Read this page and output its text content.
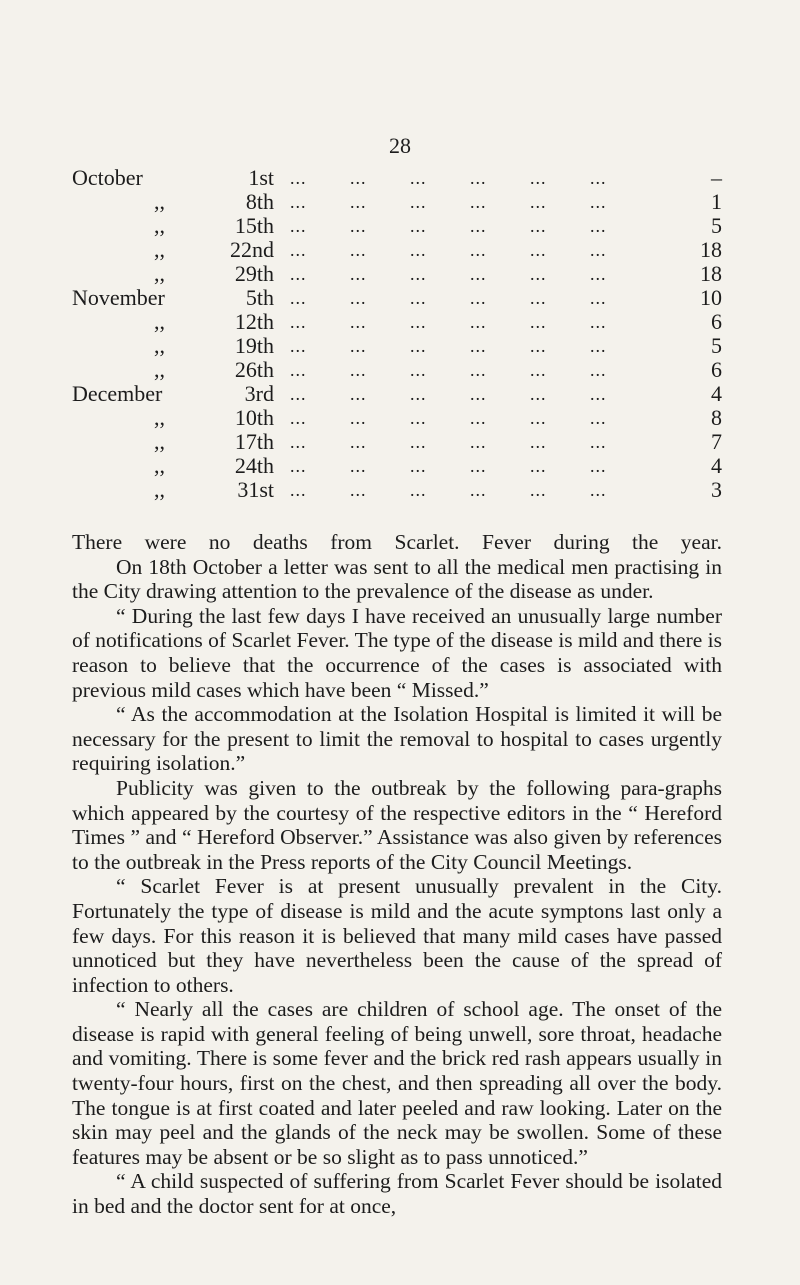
28
October	1st ... ... ... ... ... ...	–
,,	8th ... ... ... ... ... ...	1
,,	15th ... ... ... ... ... ...	5
,,	22nd ... ... ... ... ... ...	18
,,	29th ... ... ... ... ... ...	18
November	5th ... ... ... ... ... ...	10
,,	12th ... ... ... ... ... ...	6
,,	19th ... ... ... ... ... ...	5
,,	26th ... ... ... ... ... ...	6
December	3rd ... ... ... ... ... ...	4
,,	10th ... ... ... ... ... ...	8
,,	17th ... ... ... ... ... ...	7
,,	24th ... ... ... ... ... ...	4
,,	31st ... ... ... ... ... ...	3

There were no deaths from Scarlet. Fever during the year.

On 18th October a letter was sent to all the medical men practising in the City drawing attention to the prevalence of the disease as under.

“ During the last few days I have received an unusually large number of notifications of Scarlet Fever. The type of the disease is mild and there is reason to believe that the occurrence of the cases is associated with previous mild cases which have been “ Missed.”

“ As the accommodation at the Isolation Hospital is limited it will be necessary for the present to limit the removal to hospital to cases urgently requiring isolation.”

Publicity was given to the outbreak by the following para-graphs which appeared by the courtesy of the respective editors in the “ Hereford Times ” and “ Hereford Observer.” Assistance was also given by references to the outbreak in the Press reports of the City Council Meetings.

“ Scarlet Fever is at present unusually prevalent in the City. Fortunately the type of disease is mild and the acute symptons last only a few days. For this reason it is believed that many mild cases have passed unnoticed but they have nevertheless been the cause of the spread of infection to others.

“ Nearly all the cases are children of school age. The onset of the disease is rapid with general feeling of being unwell, sore throat, headache and vomiting. There is some fever and the brick red rash appears usually in twenty-four hours, first on the chest, and then spreading all over the body. The tongue is at first coated and later peeled and raw looking. Later on the skin may peel and the glands of the neck may be swollen. Some of these features may be absent or be so slight as to pass unnoticed.”

“ A child suspected of suffering from Scarlet Fever should be isolated in bed and the doctor sent for at once,
